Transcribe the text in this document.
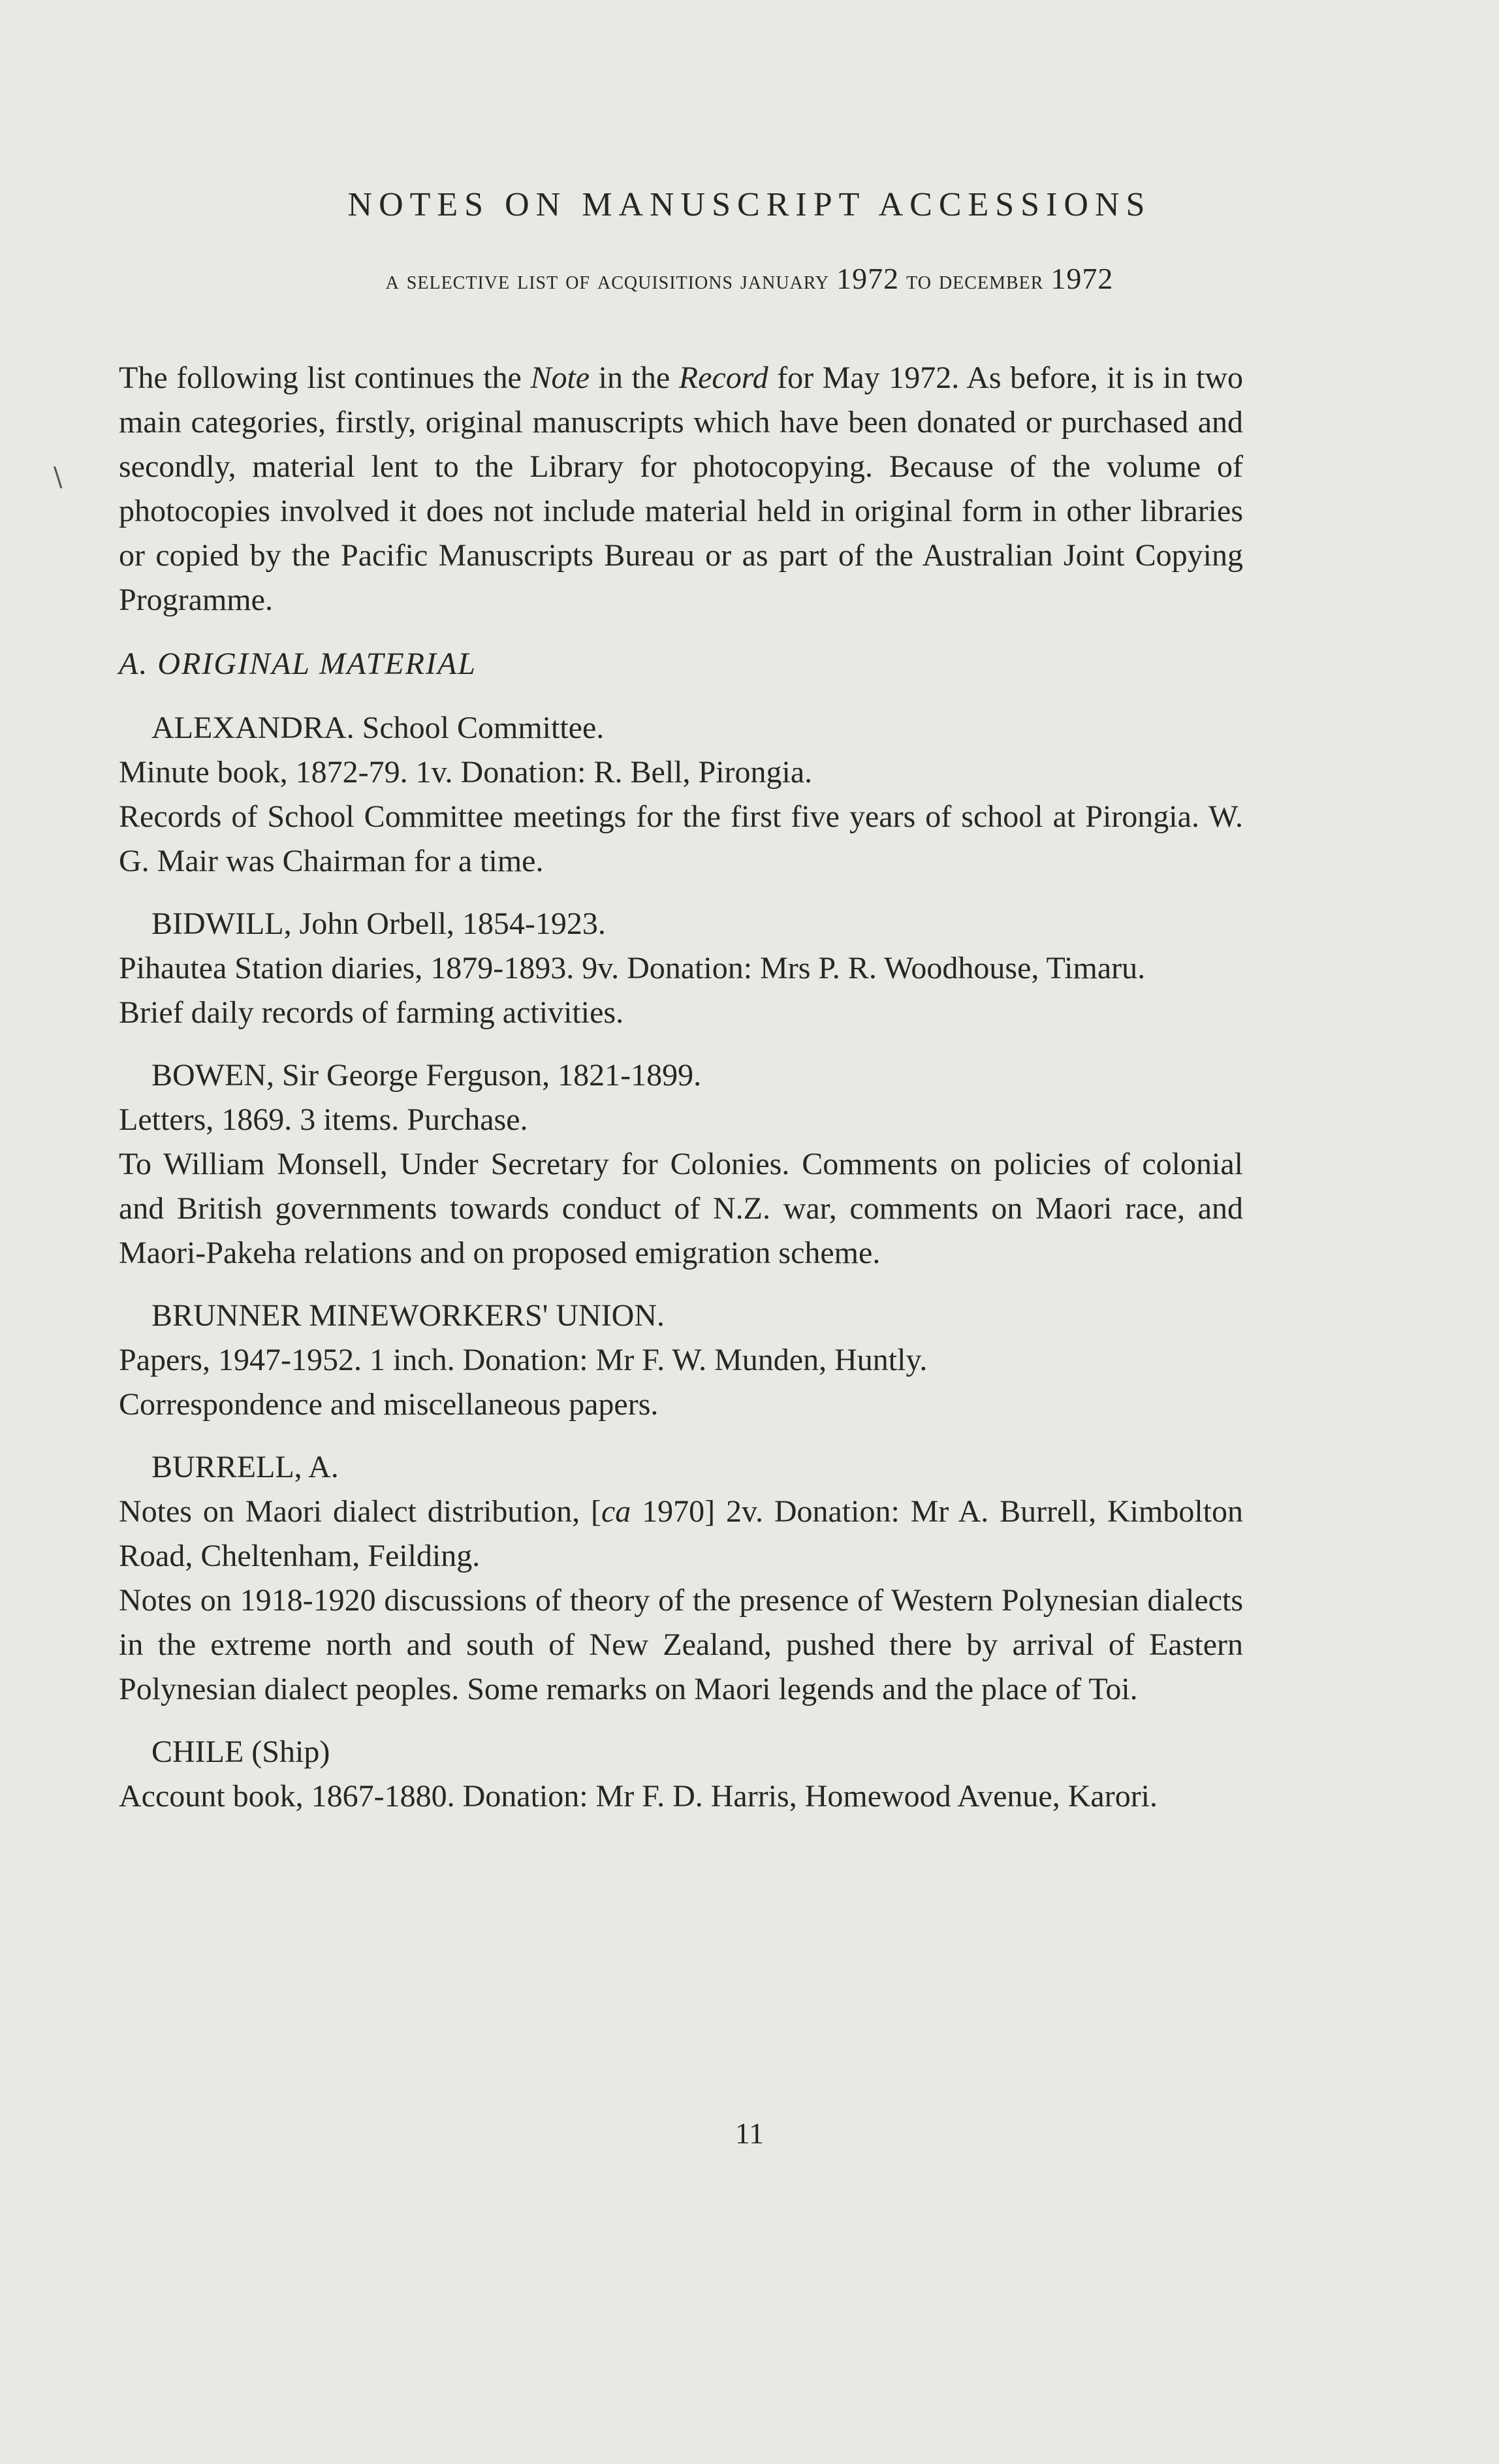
\
NOTES ON MANUSCRIPT ACCESSIONS
a selective list of acquisitions january 1972 to december 1972

The following list continues the Note in the Record for May 1972. As before, it is in two main categories, firstly, original manuscripts which have been donated or purchased and secondly, material lent to the Library for photocopying. Because of the volume of photocopies involved it does not include material held in original form in other libraries or copied by the Pacific Manuscripts Bureau or as part of the Australian Joint Copying Programme.

A. ORIGINAL MATERIAL

ALEXANDRA. School Committee.

Minute book, 1872-79. 1v. Donation: R. Bell, Pirongia.

Records of School Committee meetings for the first five years of school at Pirongia. W. G. Mair was Chairman for a time.

BIDWILL, John Orbell, 1854-1923.

Pihautea Station diaries, 1879-1893. 9v. Donation: Mrs P. R. Woodhouse, Timaru.

Brief daily records of farming activities.

BOWEN, Sir George Ferguson, 1821-1899.

Letters, 1869. 3 items. Purchase.

To William Monsell, Under Secretary for Colonies. Comments on policies of colonial and British governments towards conduct of N.Z. war, comments on Maori race, and Maori-Pakeha relations and on proposed emigration scheme.

BRUNNER MINEWORKERS' UNION.

Papers, 1947-1952. 1 inch. Donation: Mr F. W. Munden, Huntly.

Correspondence and miscellaneous papers.

BURRELL, A.

Notes on Maori dialect distribution, [ca 1970] 2v. Donation: Mr A. Burrell, Kimbolton Road, Cheltenham, Feilding.

Notes on 1918-1920 discussions of theory of the presence of Western Polynesian dialects in the extreme north and south of New Zealand, pushed there by arrival of Eastern Polynesian dialect peoples. Some remarks on Maori legends and the place of Toi.

CHILE (Ship)

Account book, 1867-1880. Donation: Mr F. D. Harris, Homewood Avenue, Karori.

11
